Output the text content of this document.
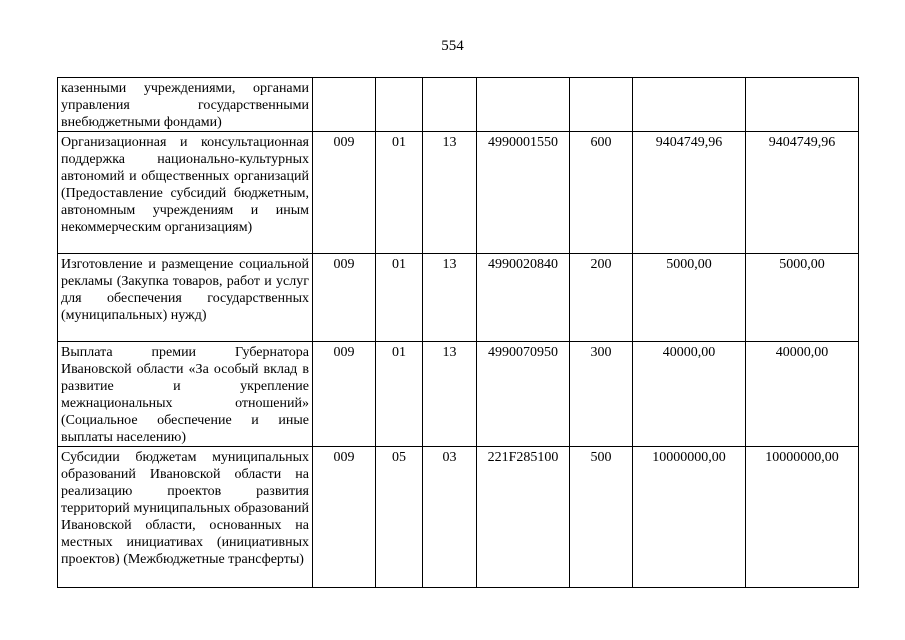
554
казенными учреждениями, органами управления государственными внебюджетными фондами)							
Организационная и консультационная поддержка национально-культурных автономий и общественных организаций (Предоставление субсидий бюджетным, автономным учреждениям и иным некоммерческим организациям)	009	01	13	4990001550	600	9404749,96	9404749,96
Изготовление и размещение социальной рекламы (Закупка товаров, работ и услуг для обеспечения государственных (муниципальных) нужд)	009	01	13	4990020840	200	5000,00	5000,00
Выплата премии Губернатора Ивановской области «За особый вклад в развитие и укрепление межнациональных отношений» (Социальное обеспечение и иные выплаты населению)	009	01	13	4990070950	300	40000,00	40000,00
Субсидии бюджетам муниципальных образований Ивановской области на реализацию проектов развития территорий муниципальных образований Ивановской области, основанных на местных инициативах (инициативных проектов) (Межбюджетные трансферты)	009	05	03	221F285100	500	10000000,00	10000000,00
